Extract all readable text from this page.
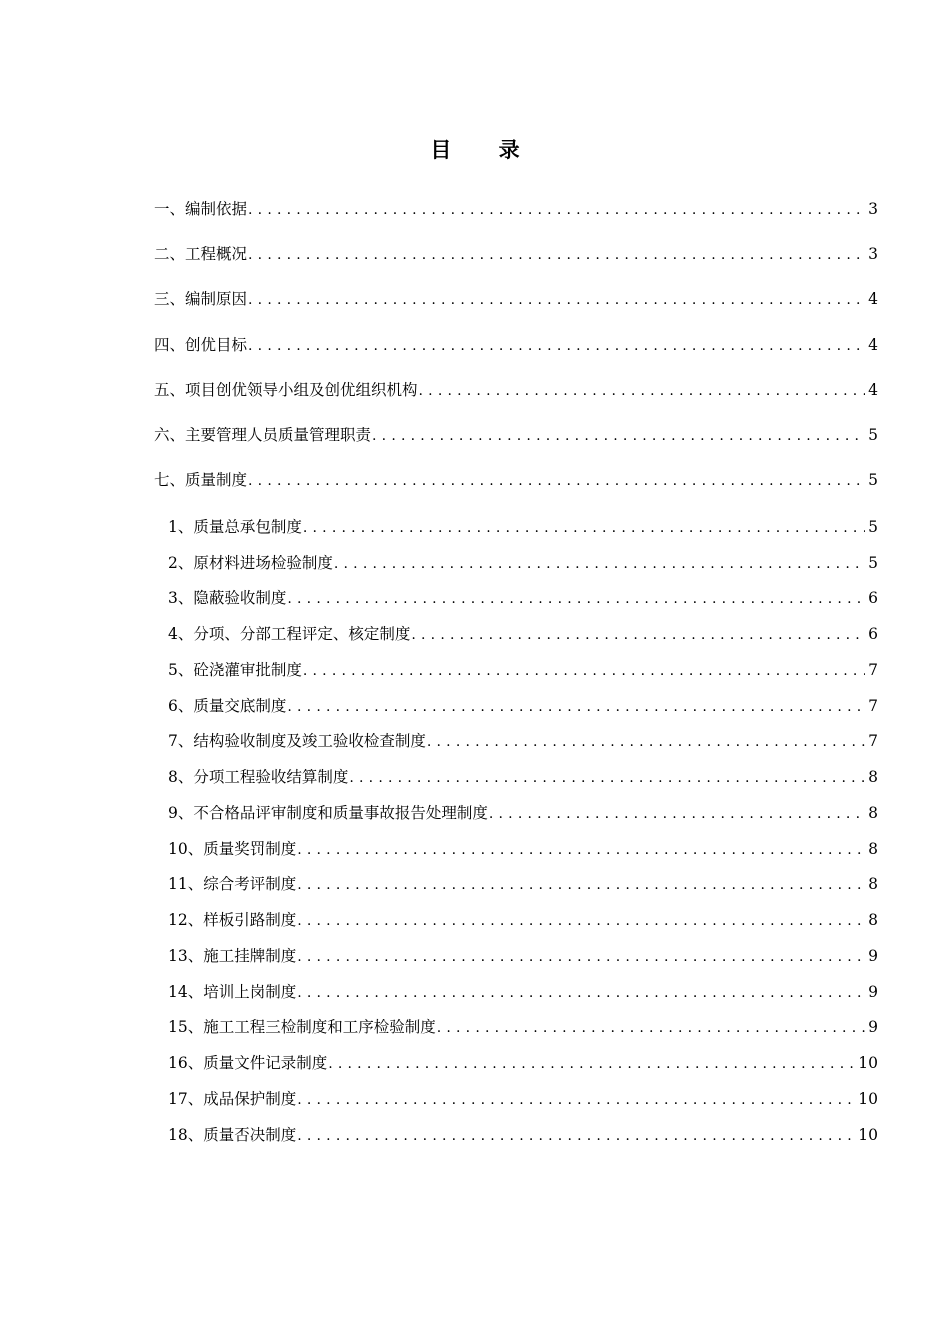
目 录
一、编制依据 .....	3
二、工程概况 .....	3
三、编制原因 .....	4
四、创优目标 .....	4
五、项目创优领导小组及创优组织机构 .....	4
六、主要管理人员质量管理职责 .....	5
七、质量制度 .....	5
1、质量总承包制度 .....	5
2、原材料进场检验制度 .....	5
3、隐蔽验收制度 .....	6
4、分项、分部工程评定、核定制度 .....	6
5、砼浇灌审批制度 .....	7
6、质量交底制度 .....	7
7、结构验收制度及竣工验收检查制度 .....	7
8、分项工程验收结算制度 .....	8
9、不合格品评审制度和质量事故报告处理制度 .....	8
10、质量奖罚制度 .....	8
11、综合考评制度 .....	8
12、样板引路制度 .....	8
13、施工挂牌制度 .....	9
14、培训上岗制度 .....	9
15、施工工程三检制度和工序检验制度 .....	9
16、质量文件记录制度 .....	10
17、成品保护制度 .....	10
18、质量否决制度 .....	10
